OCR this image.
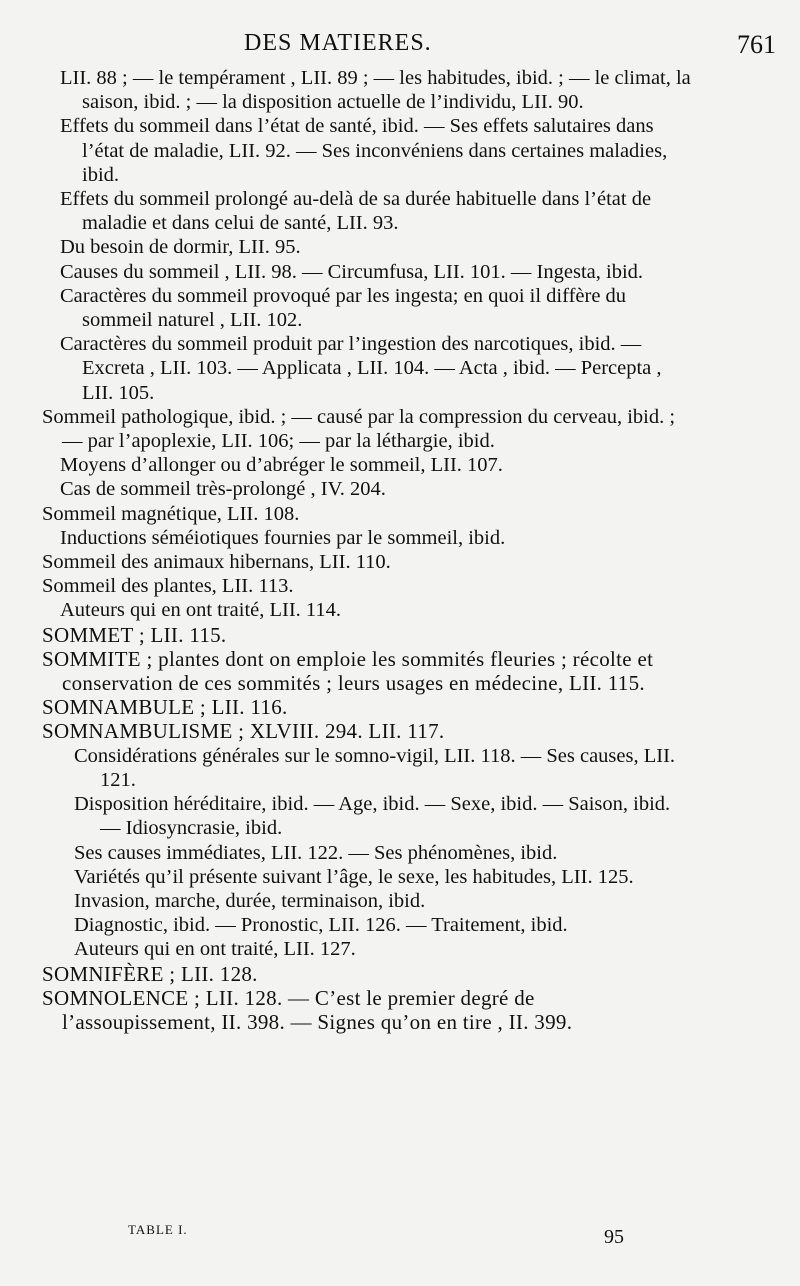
DES MATIERES.	761

LII. 88 ; — le tempérament , LII. 89 ; — les habitudes, ibid. ; — le climat, la saison, ibid. ; — la disposition actuelle de l’individu, LII. 90.

Effets du sommeil dans l’état de santé, ibid. — Ses effets salutaires dans l’état de maladie, LII. 92. — Ses inconvéniens dans certaines maladies, ibid.

Effets du sommeil prolongé au-delà de sa durée habituelle dans l’état de maladie et dans celui de santé, LII. 93.

Du besoin de dormir, LII. 95.

Causes du sommeil , LII. 98. — Circumfusa, LII. 101. — Ingesta, ibid.

Caractères du sommeil provoqué par les ingesta; en quoi il diffère du sommeil naturel , LII. 102.

Caractères du sommeil produit par l’ingestion des narcotiques, ibid. — Excreta , LII. 103. — Applicata , LII. 104. — Acta , ibid. — Percepta , LII. 105.

Sommeil pathologique, ibid. ; — causé par la compression du cerveau, ibid. ; — par l’apoplexie, LII. 106; — par la léthargie, ibid.

Moyens d’allonger ou d’abréger le sommeil, LII. 107.

Cas de sommeil très-prolongé , IV. 204.

Sommeil magnétique, LII. 108.

Inductions séméiotiques fournies par le sommeil, ibid.

Sommeil des animaux hibernans, LII. 110.

Sommeil des plantes, LII. 113.

Auteurs qui en ont traité, LII. 114.

SOMMET ; LII. 115.

SOMMITE ; plantes dont on emploie les sommités fleuries ; récolte et conservation de ces sommités ; leurs usages en médecine, LII. 115.

SOMNAMBULE ; LII. 116.

SOMNAMBULISME ; XLVIII. 294. LII. 117.

Considérations générales sur le somno-vigil, LII. 118. — Ses causes, LII. 121.

Disposition héréditaire, ibid. — Age, ibid. — Sexe, ibid. — Saison, ibid. — Idiosyncrasie, ibid.

Ses causes immédiates, LII. 122. — Ses phénomènes, ibid.

Variétés qu’il présente suivant l’âge, le sexe, les habitudes, LII. 125.

Invasion, marche, durée, terminaison, ibid.

Diagnostic, ibid. — Pronostic, LII. 126. — Traitement, ibid.

Auteurs qui en ont traité, LII. 127.

SOMNIFÈRE ; LII. 128.

SOMNOLENCE ; LII. 128. — C’est le premier degré de l’assoupissement, II. 398. — Signes qu’on en tire , II. 399.

TABLE I.	95
